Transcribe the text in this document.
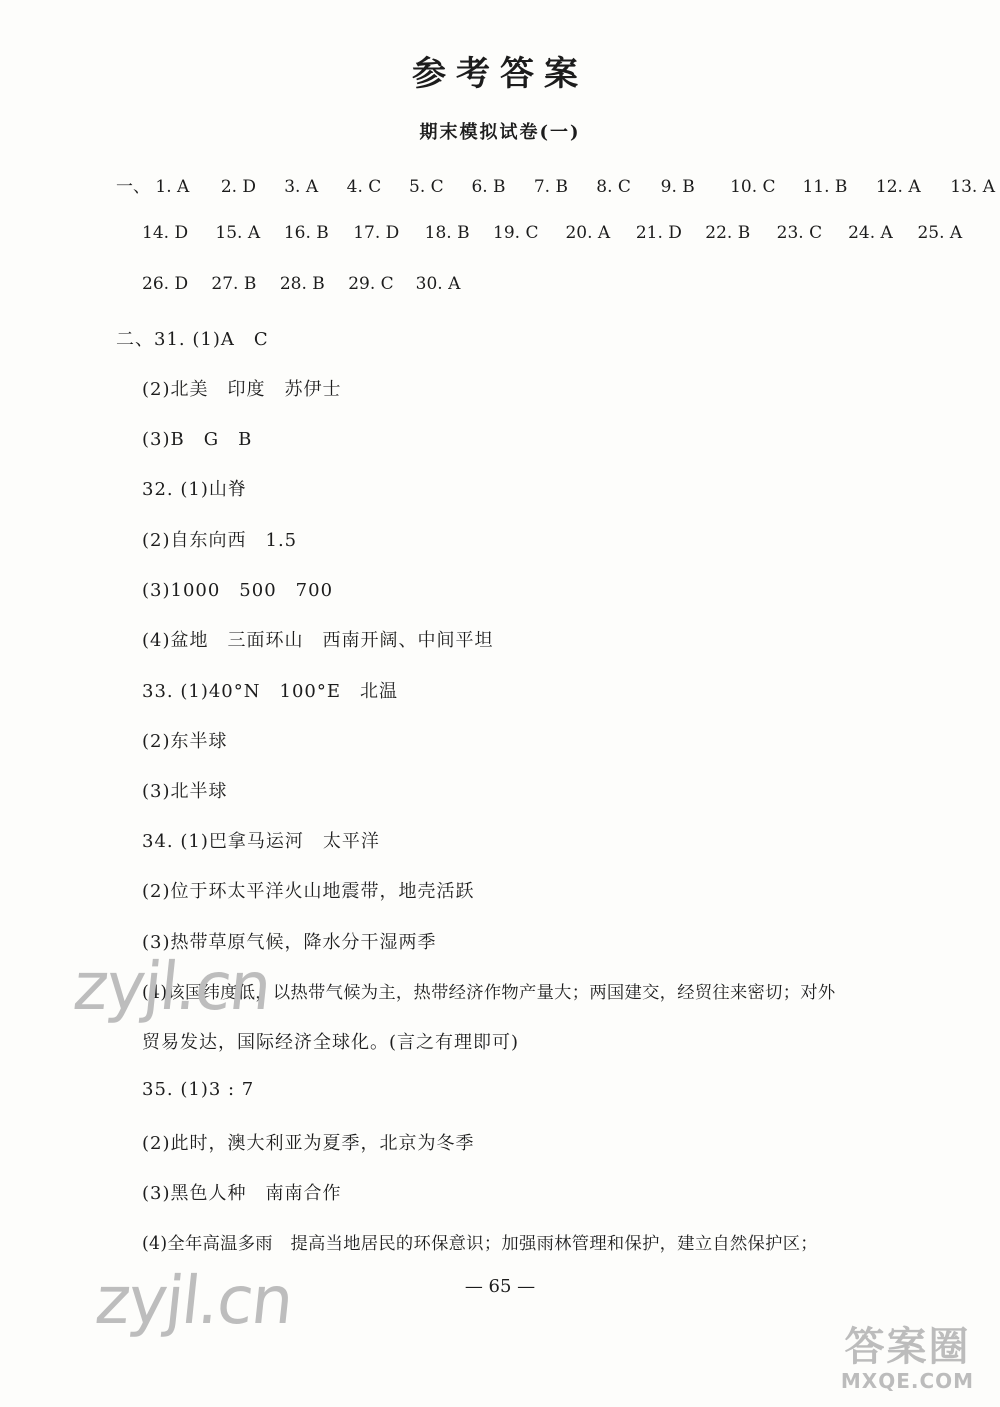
参考答案
期末模拟试卷(一)
一、 1. A 2. D 3. A 4. C 5. C 6. B 7. B 8. C 9. B 10. C 11. B 12. A 13. A
14. D 15. A 16. B 17. D 18. B 19. C 20. A 21. D 22. B 23. C 24. A 25. A
26. D 27. B 28. B 29. C 30. A
二、31. (1)A　C
(2)北美　印度　苏伊士
(3)B　G　B
32. (1)山脊
(2)自东向西　1.5
(3)1000　500　700
(4)盆地　三面环山　西南开阔、中间平坦
33. (1)40°N　100°E　北温
(2)东半球
(3)北半球
34. (1)巴拿马运河　太平洋
(2)位于环太平洋火山地震带，地壳活跃
(3)热带草原气候，降水分干湿两季
(4)该国纬度低，以热带气候为主，热带经济作物产量大；两国建交，经贸往来密切；对外
贸易发达，国际经济全球化。(言之有理即可)
35. (1)3 : 7
(2)此时，澳大利亚为夏季，北京为冬季
(3)黑色人种　南南合作
(4)全年高温多雨　提高当地居民的环保意识；加强雨林管理和保护，建立自然保护区；
— 65 —
zyjl.cn
zyjl.cn
答案圈
MXQE.COM
